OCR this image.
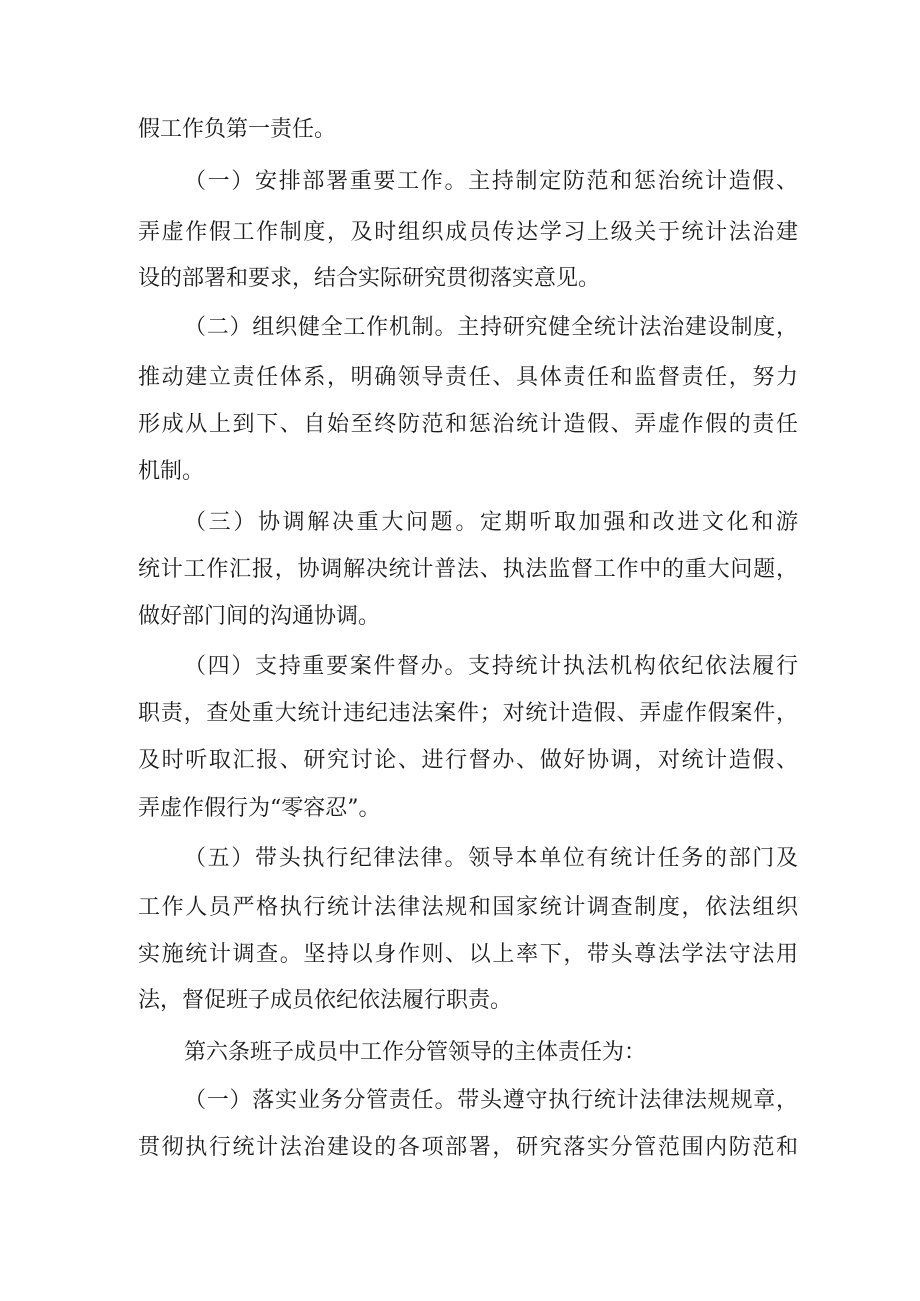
假工作负第一责任。
（一）安排部署重要工作。主持制定防范和惩治统计造假、
弄虚作假工作制度，及时组织成员传达学习上级关于统计法治建
设的部署和要求，结合实际研究贯彻落实意见。
（二）组织健全工作机制。主持研究健全统计法治建设制度，
推动建立责任体系，明确领导责任、具体责任和监督责任，努力
形成从上到下、自始至终防范和惩治统计造假、弄虚作假的责任
机制。
（三）协调解决重大问题。定期听取加强和改进文化和游
统计工作汇报，协调解决统计普法、执法监督工作中的重大问题，
做好部门间的沟通协调。
（四）支持重要案件督办。支持统计执法机构依纪依法履行
职责，查处重大统计违纪违法案件；对统计造假、弄虚作假案件，
及时听取汇报、研究讨论、进行督办、做好协调，对统计造假、
弄虚作假行为“零容忍”。
（五）带头执行纪律法律。领导本单位有统计任务的部门及
工作人员严格执行统计法律法规和国家统计调查制度，依法组织
实施统计调查。坚持以身作则、以上率下，带头尊法学法守法用
法，督促班子成员依纪依法履行职责。
第六条班子成员中工作分管领导的主体责任为：
（一）落实业务分管责任。带头遵守执行统计法律法规规章，
贯彻执行统计法治建设的各项部署，研究落实分管范围内防范和
